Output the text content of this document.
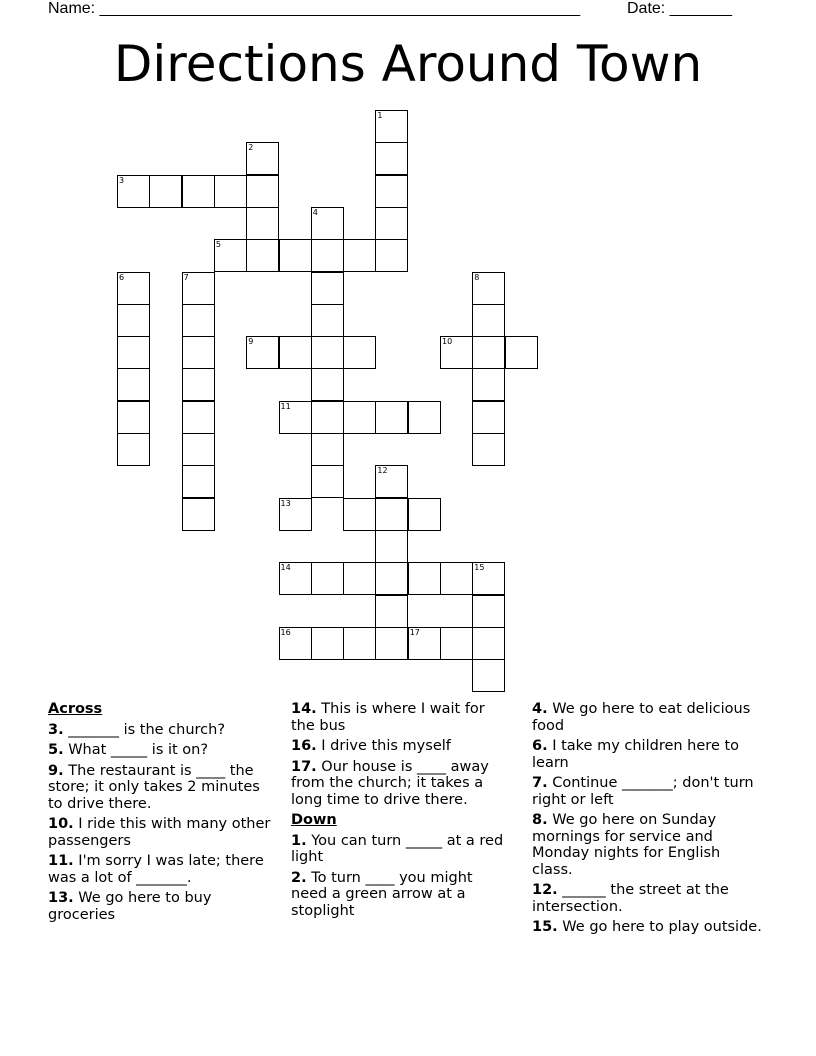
Name: ______________________________________________________	Date: _______
Directions Around Town
1
2
3
4
5
6	7	8
9	10
11
12
13
14	15
16	17
Across
3. _______ is the church?
5. What _____ is it on?
9. The restaurant is ____ the store; it only takes 2 minutes to drive there.
10. I ride this with many other passengers
11. I'm sorry I was late; there was a lot of _______.
13. We go here to buy groceries
14. This is where I wait for the bus
16. I drive this myself
17. Our house is ____ away from the church; it takes a long time to drive there.
Down
1. You can turn _____ at a red light
2. To turn ____ you might need a green arrow at a stoplight
4. We go here to eat delicious food
6. I take my children here to learn
7. Continue _______; don't turn right or left
8. We go here on Sunday mornings for service and Monday nights for English class.
12. ______ the street at the intersection.
15. We go here to play outside.
